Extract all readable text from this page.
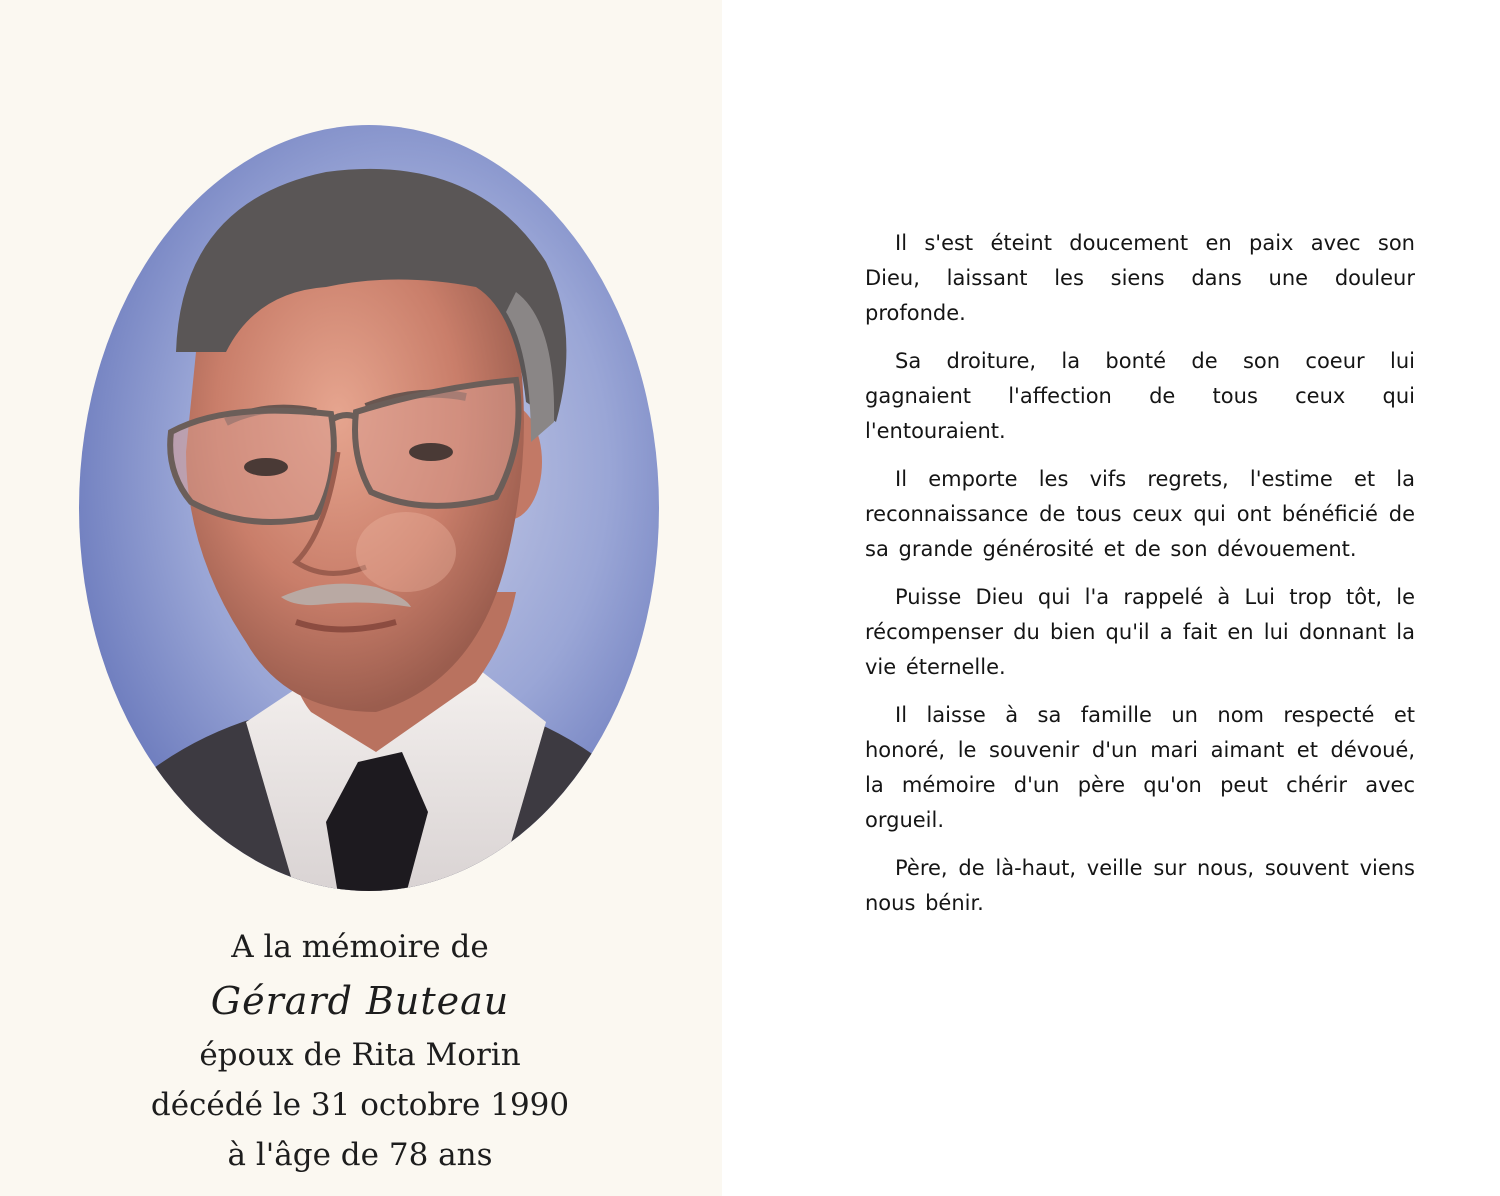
A la mémoire de
Gérard Buteau
époux de Rita Morin
décédé le 31 octobre 1990
à l'âge de 78 ans

Il s'est éteint doucement en paix avec son Dieu, laissant les siens dans une douleur profonde.

Sa droiture, la bonté de son coeur lui gagnaient l'affection de tous ceux qui l'entouraient.

Il emporte les vifs regrets, l'estime et la reconnaissance de tous ceux qui ont bénéficié de sa grande générosité et de son dévouement.

Puisse Dieu qui l'a rappelé à Lui trop tôt, le récompenser du bien qu'il a fait en lui donnant la vie éternelle.

Il laisse à sa famille un nom respecté et honoré, le souvenir d'un mari aimant et dévoué, la mémoire d'un père qu'on peut chérir avec orgueil.

Père, de là-haut, veille sur nous, souvent viens nous bénir.
